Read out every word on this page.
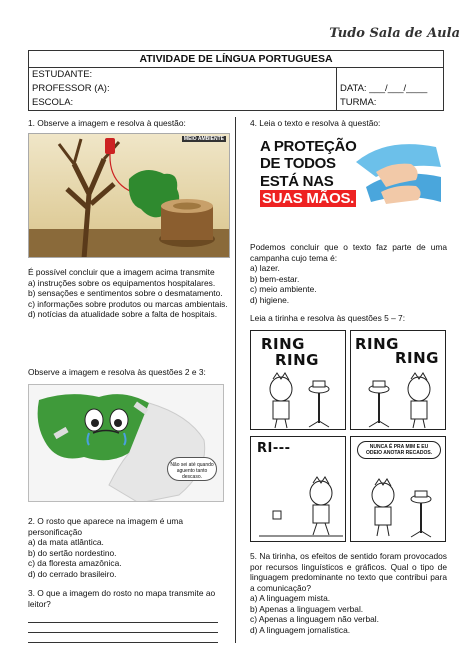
Tudo Sala de Aula
ATIVIDADE DE LÍNGUA PORTUGUESA
ESTUDANTE:
PROFESSOR (A):
ESCOLA:
DATA: ___/___/____
TURMA:

1. Observe a imagem e resolva à questão:

MEIO AMBIENTE

É possível concluir que a imagem acima transmite

a) instruções sobre os equipamentos hospitalares.

b) sensações e sentimentos sobre o desmatamento.

c) informações sobre produtos ou marcas ambientais.

d) notícias da atualidade sobre a falta de hospitais.

Observe a imagem e resolva às questões 2 e 3:

Não sei até quando aguento tanto descaso.

2. O rosto que aparece na imagem é uma personificação

a) da mata atlântica.

b) do sertão nordestino.

c) da floresta amazônica.

d) do cerrado brasileiro.

3. O que a imagem do rosto no mapa transmite ao leitor?

4. Leia o texto e resolva à questão:

A PROTEÇÃO
DE TODOS
ESTÁ NAS
SUAS MÃOS.

Podemos concluir que o texto faz parte de uma campanha cujo tema é:

a) lazer.

b) bem-estar.

c) meio ambiente.

d) higiene.

Leia a tirinha e resolva às questões 5 – 7:

RING
RING
RING
RING
RI---	NUNCA É PRA MIM E EU ODEIO ANOTAR RECADOS.

5. Na tirinha, os efeitos de sentido foram provocados por recursos linguísticos e gráficos. Qual o tipo de linguagem predominante no texto que contribui para a comunicação?

a) A linguagem mista.

b) Apenas a linguagem verbal.

c) Apenas a linguagem não verbal.

d) A linguagem jornalística.
